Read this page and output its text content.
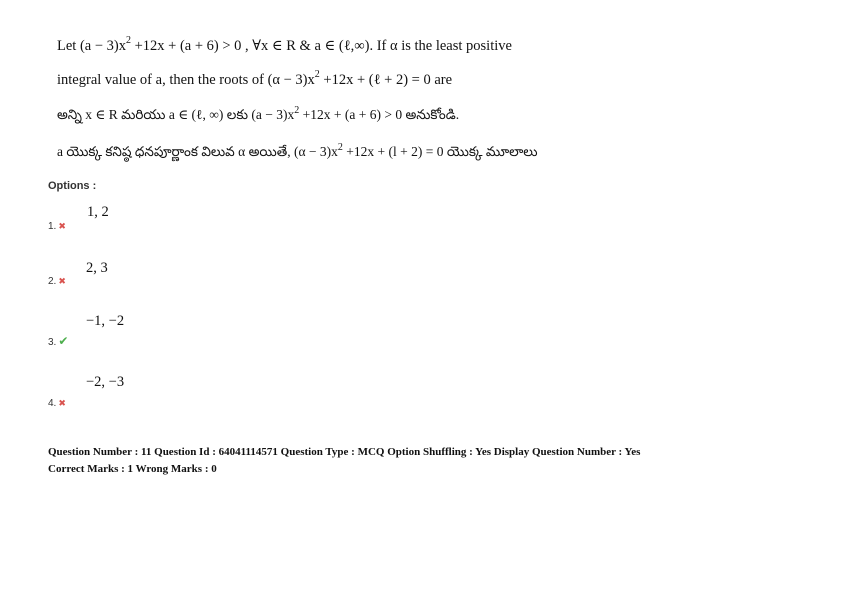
Let $(a - 3)x^2 +12x + (a + 6) > 0$ , ∀x ∈ R & a ∈ (ℓ,∞). If α is the least positive
integral value of a, then the roots of $(\alpha - 3)x^2 +12x$ + (ℓ + 2) = 0 are
అన్ని x ∈ R మరియు a ∈ (ℓ, ∞) లకు $(a - 3)x^2 +12x + (a + 6) > 0$ అనుకోండి.
a యొక్క కనిష్ఠ ధనపూర్ణాంక విలువ α అయితే, $(\alpha - 3)x^2 +12x + (l + 2) = 0$ యొక్క మూలాలు
Options :
1, 2
1. ✖
2, 3
2. ✖
−1, −2
3. ✔
−2, −3
4. ✖
Question Number : 11 Question Id : 64041114571 Question Type : MCQ Option Shuffling : Yes Display Question Number : Yes
Correct Marks : 1 Wrong Marks : 0
